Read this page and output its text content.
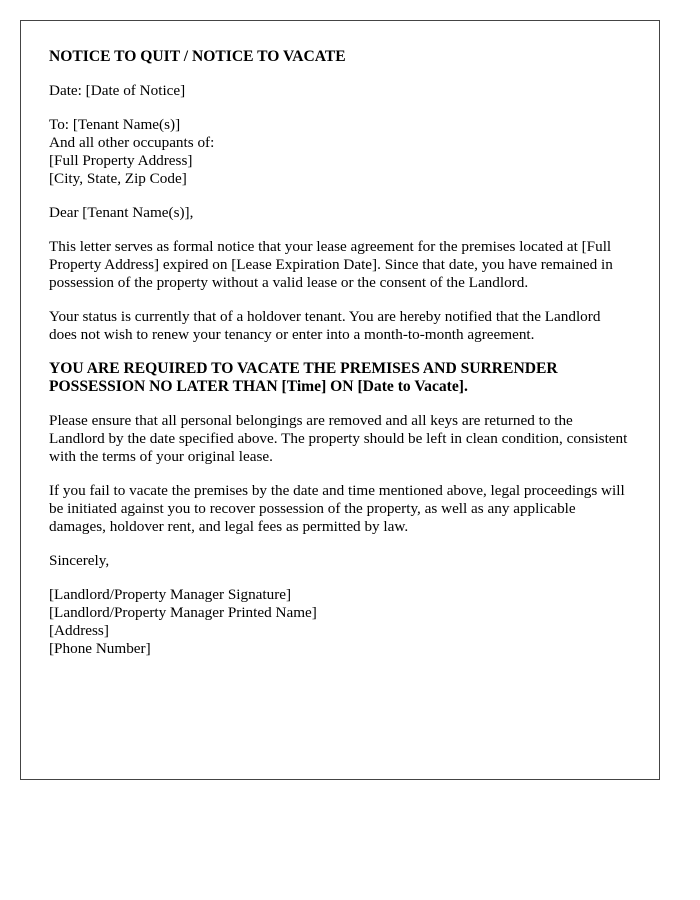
NOTICE TO QUIT / NOTICE TO VACATE
Date: [Date of Notice]
To: [Tenant Name(s)]
And all other occupants of:
[Full Property Address]
[City, State, Zip Code]
Dear [Tenant Name(s)],

This letter serves as formal notice that your lease agreement for the premises located at [Full Property Address] expired on [Lease Expiration Date]. Since that date, you have remained in possession of the property without a valid lease or the consent of the Landlord.

Your status is currently that of a holdover tenant. You are hereby notified that the Landlord does not wish to renew your tenancy or enter into a month-to-month agreement.

YOU ARE REQUIRED TO VACATE THE PREMISES AND SURRENDER POSSESSION NO LATER THAN [Time] ON [Date to Vacate].

Please ensure that all personal belongings are removed and all keys are returned to the Landlord by the date specified above. The property should be left in clean condition, consistent with the terms of your original lease.

If you fail to vacate the premises by the date and time mentioned above, legal proceedings will be initiated against you to recover possession of the property, as well as any applicable damages, holdover rent, and legal fees as permitted by law.

Sincerely,
[Landlord/Property Manager Signature]
[Landlord/Property Manager Printed Name]
[Address]
[Phone Number]
